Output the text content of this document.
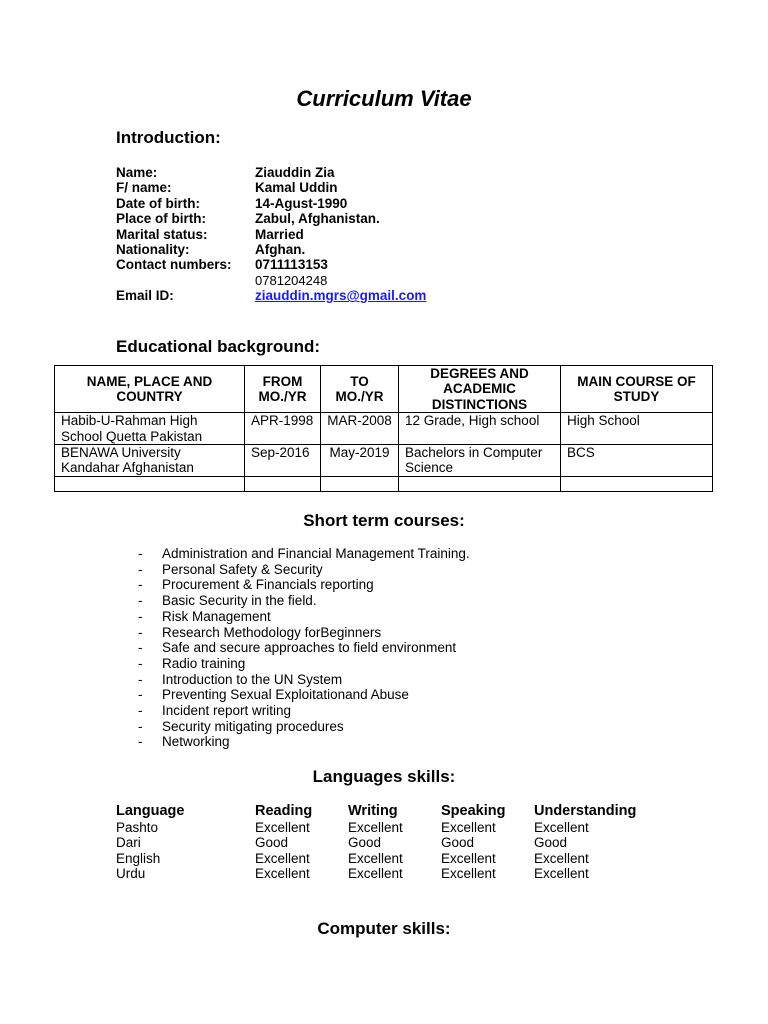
Curriculum Vitae
Introduction:
Name:	Ziauddin Zia
F/ name:	Kamal Uddin
Date of birth:	14-Agust-1990
Place of birth:	Zabul, Afghanistan.
Marital status:	Married
Nationality:	Afghan.
Contact numbers:	0711113153
0781204248
Email ID:	ziauddin.mgrs@gmail.com
Educational background:
NAME, PLACE AND COUNTRY	FROM MO./YR	TO MO./YR	DEGREES AND ACADEMIC DISTINCTIONS	MAIN COURSE OF STUDY
Habib-U-Rahman High School Quetta Pakistan	APR-1998	MAR-2008	12 Grade, High school	High School
BENAWA University Kandahar Afghanistan	Sep-2016	May-2019	Bachelors in Computer Science	BCS

Short term courses:
-	Administration and Financial Management Training.
-	Personal Safety & Security
-	Procurement & Financials reporting
-	Basic Security in the field.
-	Risk Management
-	Research Methodology forBeginners
-	Safe and secure approaches to field environment
-	Radio training
-	Introduction to the UN System
-	Preventing Sexual Exploitationand Abuse
-	Incident report writing
-	Security mitigating procedures
-	Networking
Languages skills:
Language	Reading	Writing	Speaking	Understanding
Pashto	Excellent	Excellent	Excellent	Excellent
Dari	Good	Good	Good	Good
English	Excellent	Excellent	Excellent	Excellent
Urdu	Excellent	Excellent	Excellent	Excellent
Computer skills:
